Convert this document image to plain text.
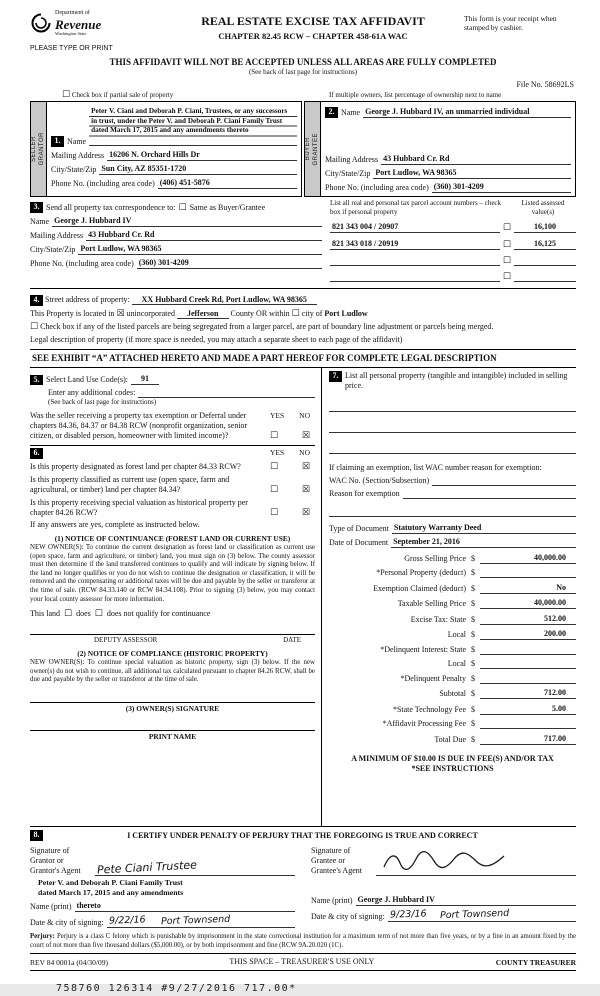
Department of
Revenue
Washington State
PLEASE TYPE OR PRINT
REAL ESTATE EXCISE TAX AFFIDAVIT
CHAPTER 82.45 RCW – CHAPTER 458-61A WAC
This form is your receipt when stamped by cashier.
THIS AFFIDAVIT WILL NOT BE ACCEPTED UNLESS ALL AREAS ARE FULLY COMPLETED
(See back of last page for instructions)
File No. 58692LS
☐ Check box if partial sale of property	If multiple owners, list percentage of ownership next to name
SELLER GRANTOR	1. Name
Peter V. Ciani and Deborah P. Ciani, Trustees, or any successors in trust, under the Peter V. and Deborah P. Ciani Family Trust dated March 17, 2015 and any amendments thereto
Mailing Address 16206 N. Orchard Hills Dr
City/State/Zip Sun City, AZ 85351-1720
Phone No. (including area code) (406) 451-5876
BUYER GRANTEE
2. Name George J. Hubbard IV, an unmarried individual
Mailing Address 43 Hubbard Cr. Rd
City/State/Zip Port Ludlow, WA 98365
Phone No. (including area code) (360) 301-4209
3. Send all property tax correspondence to: ☐ Same as Buyer/Grantee
Name George J. Hubbard IV
Mailing Address 43 Hubbard Cr. Rd
City/State/Zip Port Ludlow, WA 98365
Phone No. (including area code) (360) 301-4209
List all real and personal tax parcel account numbers – check box if personal property
Listed assessed value(s)
821 343 004 / 20907	☐	16,100
821 343 018 / 20919	☐	16,125
☐
☐
4. Street address of property: XX Hubbard Creek Rd, Port Ludlow, WA 98365
This Property is located in ☒ unincorporated Jefferson County OR within ☐ city of Port Ludlow
☐ Check box if any of the listed parcels are being segregated from a larger parcel, are part of boundary line adjustment or parcels being merged.
Legal description of property (if more space is needed, you may attach a separate sheet to each page of the affidavit)
SEE EXHIBIT “A” ATTACHED HERETO AND MADE A PART HEREOF FOR COMPLETE LEGAL DESCRIPTION
5. Select Land Use Code(s):	91
Enter any additional codes:
(See back of last page for instructions)
Was the seller receiving a property tax exemption or Deferral under chapters 84.36, 84.37 or 84.38 RCW (nonprofit organization, senior citizen, or disabled person, homeowner with limited income)?
YES NO
☐	☒
6.	YES NO
Is this property designated as forest land per chapter 84.33 RCW?	☐	☒
Is this property classified as current use (open space, farm and agricultural, or timber) land per chapter 84.34?	☐	☒
Is this property receiving special valuation as historical property per chapter 84.26 RCW?	☐	☒
If any answers are yes, complete as instructed below.
(1) NOTICE OF CONTINUANCE (FOREST LAND OR CURRENT USE)
NEW OWNER(S): To continue the current designation as forest land or classification as current use (open space, farm and agriculture, or timber) land, you must sign on (3) below. The county assessor must then determine if the land transferred continues to qualify and will indicate by signing below. If the land no longer qualifies or you do not wish to continue the designation or classification, it will be removed and the compensating or additional taxes will be due and payable by the seller or transferor at the time of sale. (RCW 84.33.140 or RCW 84.34.108). Prior to signing (3) below, you may contact your local county assessor for more information.
This land ☐ does ☐ does not qualify for continuance
DEPUTY ASSESSOR	DATE
(2) NOTICE OF COMPLIANCE (HISTORIC PROPERTY)
NEW OWNER(S): To continue special valuation as historic property, sign (3) below. If the new owner(s) do not wish to continue, all additional tax calculated pursuant to chapter 84.26 RCW, shall be due and payable by the seller or transferor at the time of sale.
(3) OWNER(S) SIGNATURE
PRINT NAME
7. List all personal property (tangible and intangible) included in selling price.
If claiming an exemption, list WAC number reason for exemption:
WAC No. (Section/Subsection)
Reason for exemption
Type of Document Statutory Warranty Deed
Date of Document September 21, 2016
Gross Selling Price $	40,000.00
*Personal Property (deduct) $
Exemption Claimed (deduct) $	No
Taxable Selling Price $	40,000.00
Excise Tax: State $	512.00
Local $	200.00
*Delinquent Interest: State $
Local $
*Delinquent Penalty $
Subtotal $	712.00
*State Technology Fee $	5.00
*Affidavit Processing Fee $
Total Due $	717.00
A MINIMUM OF $10.00 IS DUE IN FEE(S) AND/OR TAX
*SEE INSTRUCTIONS
8.	I CERTIFY UNDER PENALTY OF PERJURY THAT THE FOREGOING IS TRUE AND CORRECT
Signature of
Grantor or Grantor's Agent	Pete Ciani Trustee
Peter V. and Deborah P. Ciani Family Trust
dated March 17, 2015 and any amendments
Name (print) thereto
Date & city of signing: 9/22/16 Port Townsend
Signature of
Grantee or Grantee's Agent
Name (print) George J. Hubbard IV
Date & city of signing: 9/23/16 Port Townsend

Perjury: Perjury is a class C felony which is punishable by imprisonment in the state correctional institution for a maximum term of not more than five years, or by a fine in an amount fixed by the court of not more than five thousand dollars ($5,000.00), or by both imprisonment and fine (RCW 9A.20.020 (1C).

REV 84 0001a (04/30/09)	THIS SPACE – TREASURER'S USE ONLY	COUNTY TREASURER
758760 126314 #9/27/2016 717.00*
